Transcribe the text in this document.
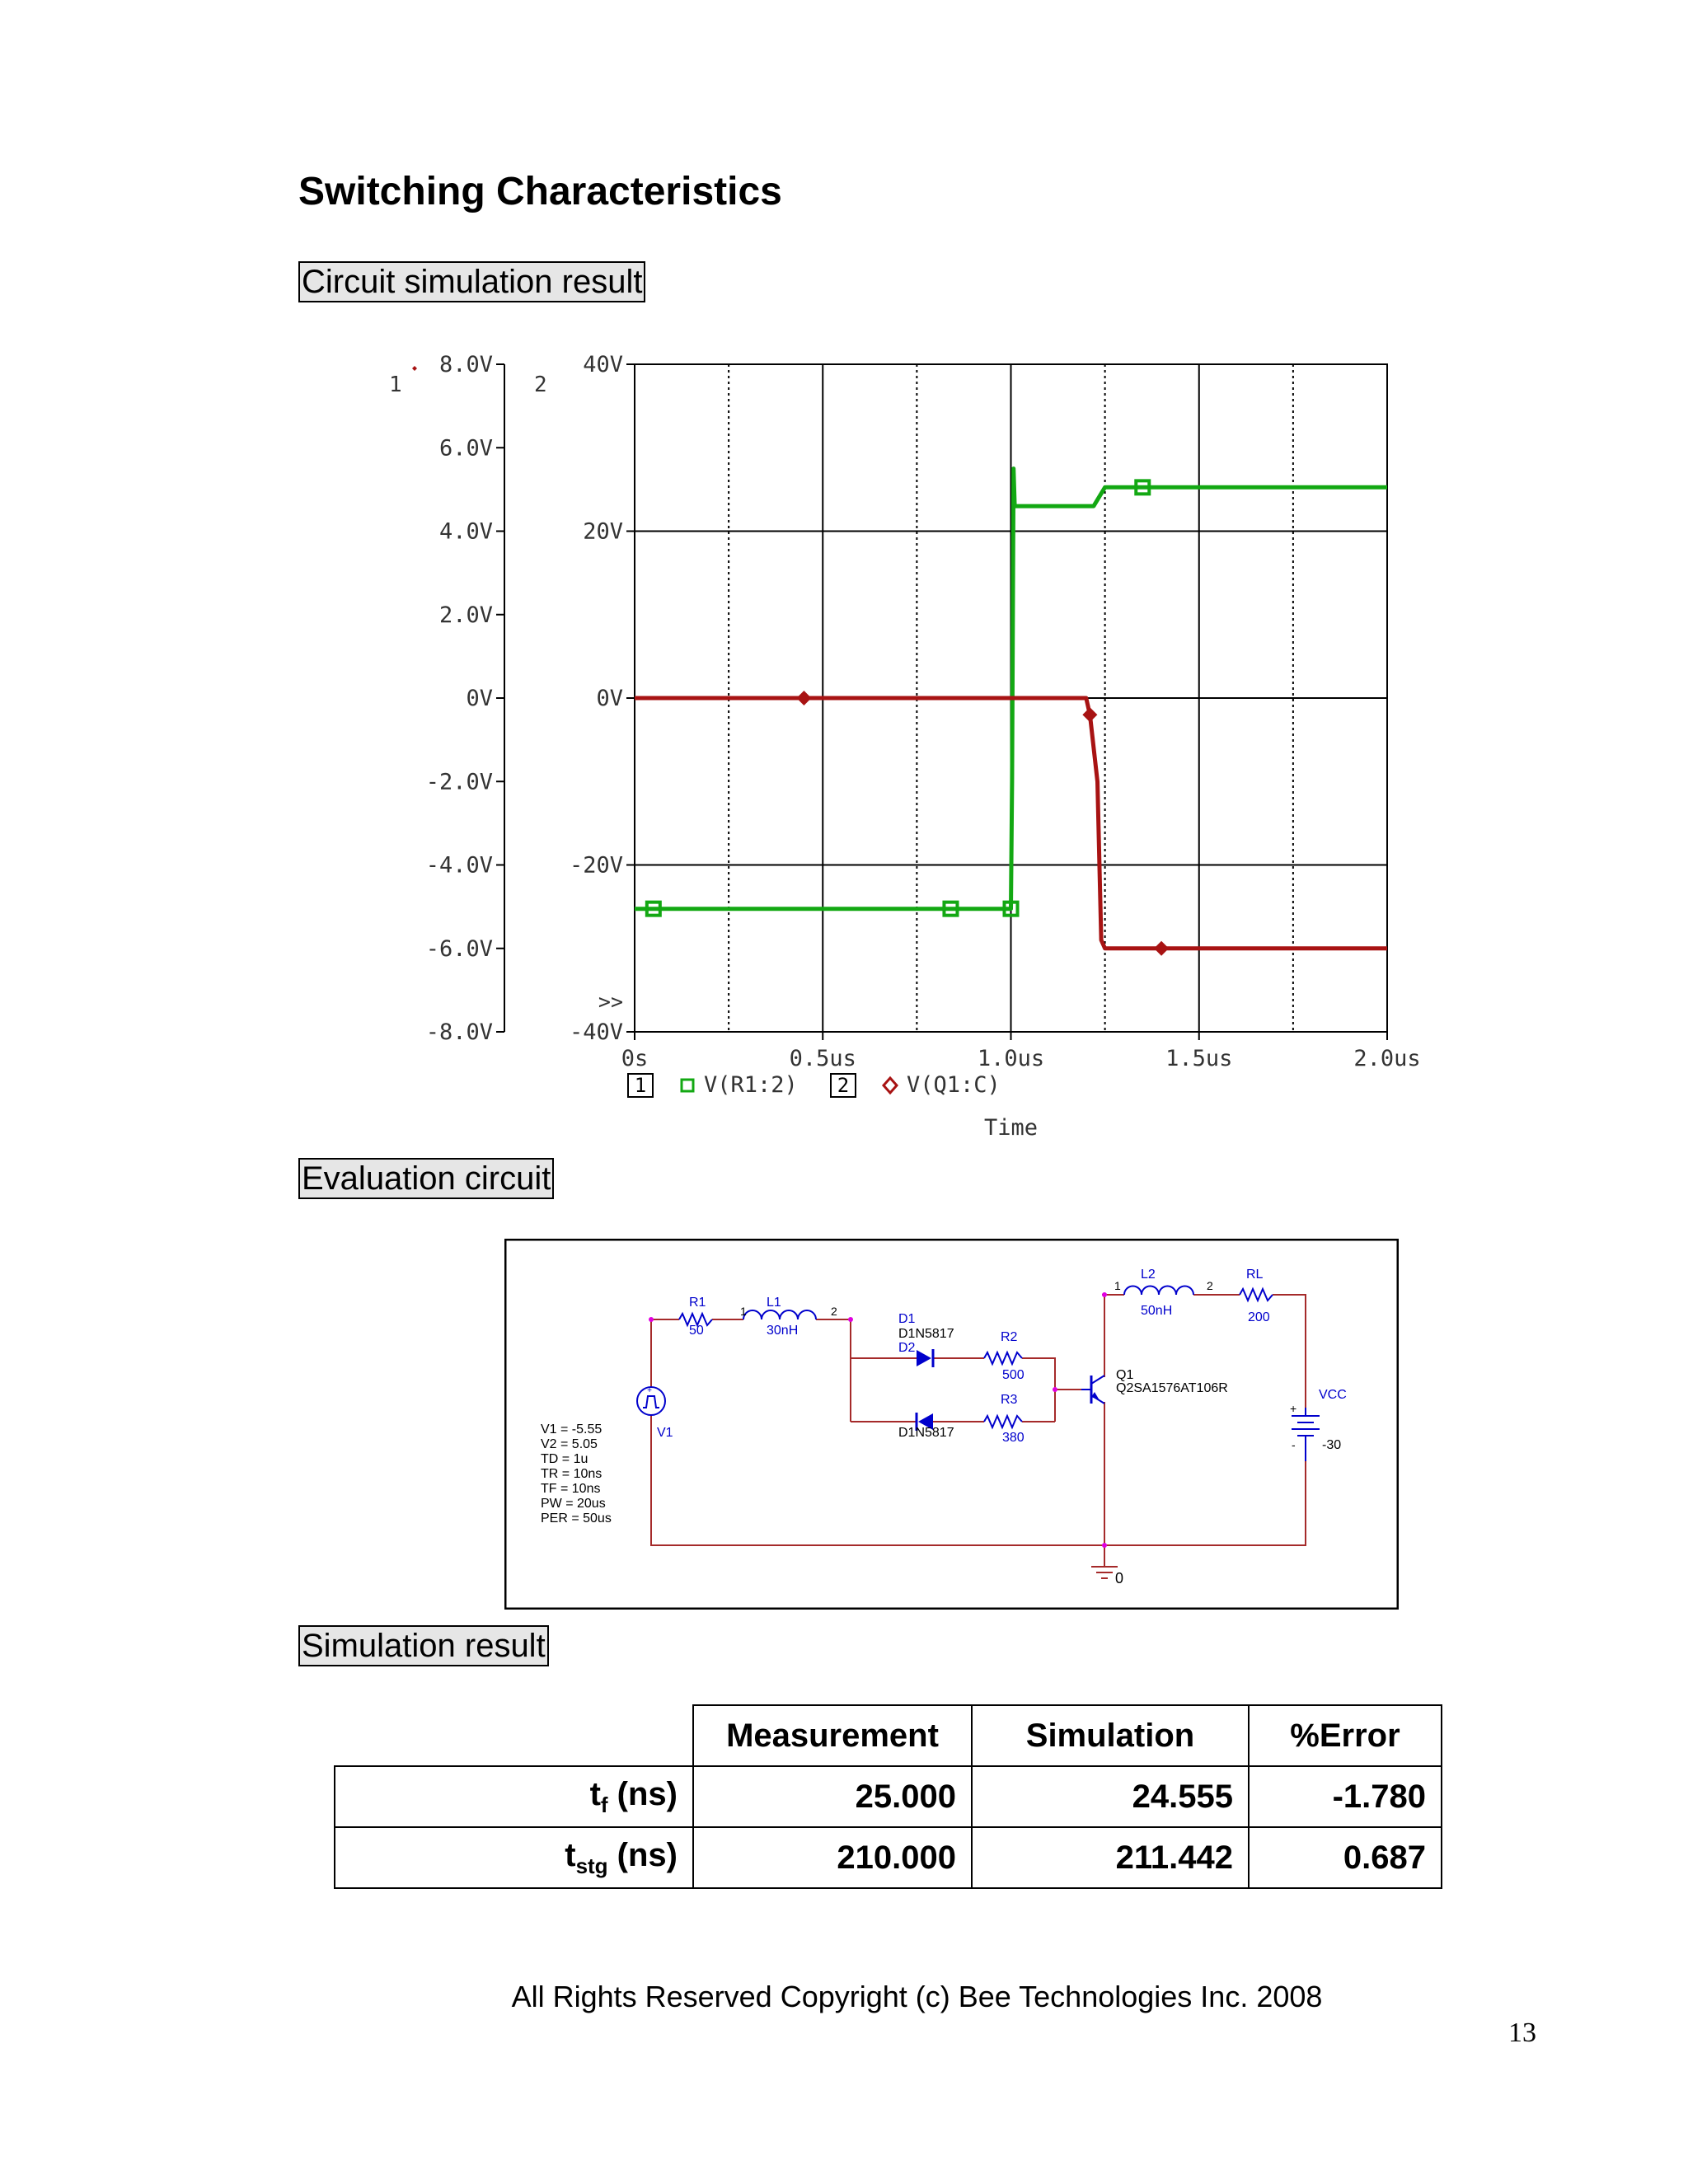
Switching Characteristics
Circuit simulation result
8.0V
6.0V
4.0V
2.0V
0V
-2.0V
-4.0V
-6.0V
-8.0V
40V
20V
0V
-20V
-40V
>>
1	2
0s	0.5us	1.0us	1.5us	2.0us
Time
1	V(R1:2) 2	V(Q1:C)
Evaluation circuit
+
+
-
V1 = -5.55
V2 = 5.05
TD = 1u
TR = 10ns
TF = 10ns
PW = 20us
PER = 50us
0
1	2
1	2
D1N5817
D1N5817
Q2SA1576AT106R
Q1
V1
R1
50
L1
30nH
D1
D2
R2
500
R3
380
L2
50nH
RL
200
VCC
-30
Simulation result
	Measurement	Simulation	%Error
$t_f$ (ns)	25.000	24.555	-1.780
$t_{stg}$ (ns)	210.000	211.442	0.687
All Rights Reserved Copyright (c) Bee Technologies Inc. 2008
13
